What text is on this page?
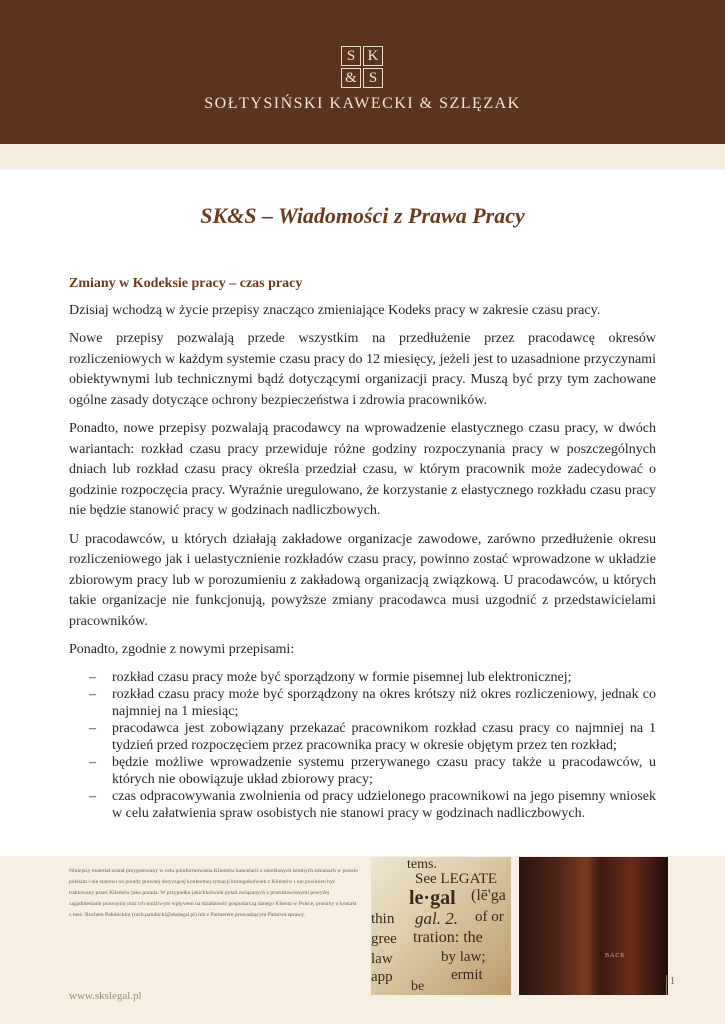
S K
& S
SOŁTYSIŃSKI KAWECKI & SZLĘZAK
SK&S – Wiadomości z Prawa Pracy
Zmiany w Kodeksie pracy – czas pracy

Dzisiaj wchodzą w życie przepisy znacząco zmieniające Kodeks pracy w zakresie czasu pracy.

Nowe przepisy pozwalają przede wszystkim na przedłużenie przez pracodawcę okresów rozliczeniowych w każdym systemie czasu pracy do 12 miesięcy, jeżeli jest to uzasadnione przyczynami obiektywnymi lub technicznymi bądź dotyczącymi organizacji pracy. Muszą być przy tym zachowane ogólne zasady dotyczące ochrony bezpieczeństwa i zdrowia pracowników.

Ponadto, nowe przepisy pozwalają pracodawcy na wprowadzenie elastycznego czasu pracy, w dwóch wariantach: rozkład czasu pracy przewiduje różne godziny rozpoczynania pracy w poszczególnych dniach lub rozkład czasu pracy określa przedział czasu, w którym pracownik może zadecydować o godzinie rozpoczęcia pracy. Wyraźnie uregulowano, że korzystanie z elastycznego rozkładu czasu pracy nie będzie stanowić pracy w godzinach nadliczbowych.

U pracodawców, u których działają zakładowe organizacje zawodowe, zarówno przedłużenie okresu rozliczeniowego jak i uelastycznienie rozkładów czasu pracy, powinno zostać wprowadzone w układzie zbiorowym pracy lub w porozumieniu z zakładową organizacją związkową. U pracodawców, u których takie organizacje nie funkcjonują, powyższe zmiany pracodawca musi uzgodnić z przedstawicielami pracowników.

Ponadto, zgodnie z nowymi przepisami:

– rozkład czasu pracy może być sporządzony w formie pisemnej lub elektronicznej;
– rozkład czasu pracy może być sporządzony na okres krótszy niż okres rozliczeniowy, jednak co najmniej na 1 miesiąc;
– pracodawca jest zobowiązany przekazać pracownikom rozkład czasu pracy co najmniej na 1 tydzień przed rozpoczęciem przez pracownika pracy w okresie objętym przez ten rozkład;
– będzie możliwe wprowadzenie systemu przerywanego czasu pracy także u pracodawców, u których nie obowiązuje układ zbiorowy pracy;
– czas odpracowywania zwolnienia od pracy udzielonego pracownikowi na jego pisemny wniosek w celu załatwienia spraw osobistych nie stanowi pracy w godzinach nadliczbowych.
Niniejszy materiał został przygotowany w celu poinformowania Klientów kancelarii o określonych istotnych zmianach w prawie polskim i nie stanowi on porady prawnej dotyczącej konkretnej sytuacji któregokolwiek z Klientów i nie powinien być traktowany przez Klientów jako porada. W przypadku jakichkolwiek pytań związanych z przedstawionymi powyżej zagadnieniami prawnymi oraz ich możliwym wpływem na działalność gospodarczą danego Klienta w Polsce, prosimy o kontakt z mec. Rochem Pałubickim (roch.palubicki@skslegal.pl) lub z Partnerem prowadzącym Państwa sprawy.
tems.
See LEGATE
le·gal (lē'ga
gal. 2. of or
thin
tration: the
gree
by law;
law
ermit
app
be
BACK
1
www.skslegal.pl
